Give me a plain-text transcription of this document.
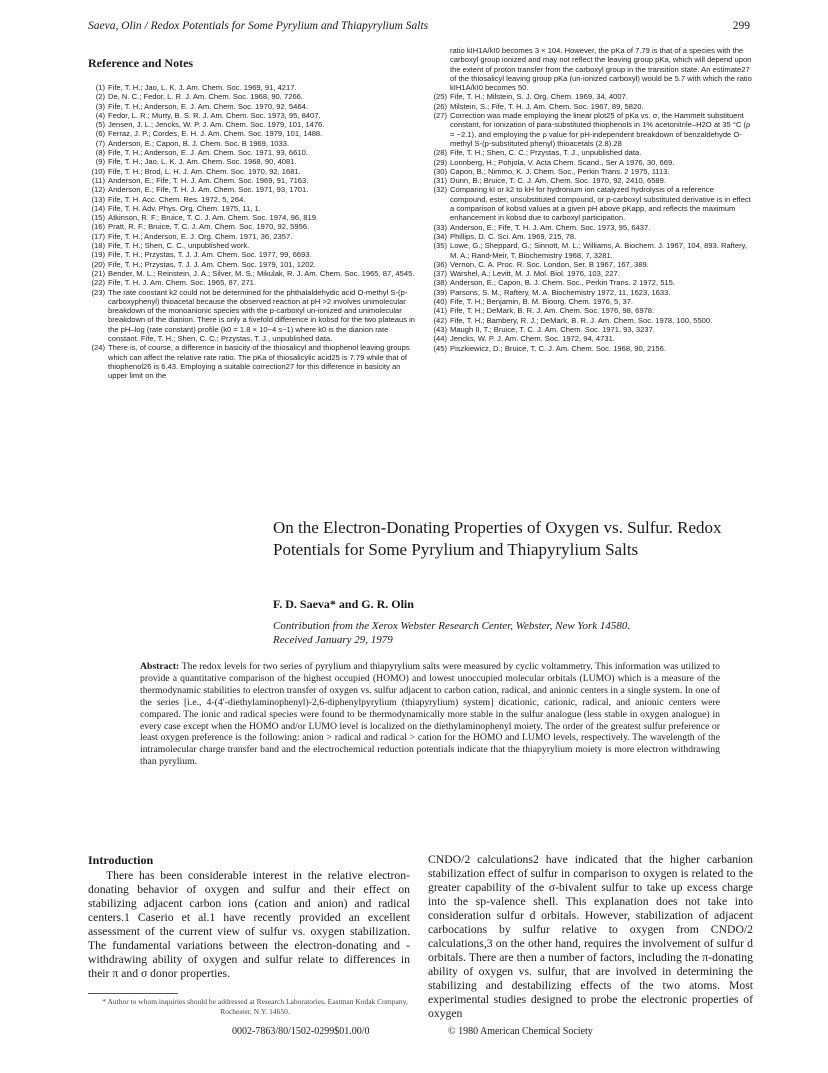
Saeva, Olin / Redox Potentials for Some Pyrylium and Thiapyrylium Salts	299
Reference and Notes
(1) Fife, T. H.; Jao, L. K. J. Am. Chem. Soc. 1969, 91, 4217.
(2) De, N. C.; Fedor, L. R. J. Am. Chem. Soc. 1968, 90, 7266.
(3) Fife, T. H.; Anderson, E. J. Am. Chem. Soc. 1970, 92, 5464.
(4) Fedor, L. R.; Murty, B. S. R. J. Am. Chem. Soc. 1973, 95, 8407.
(5) Jensen, J. L.; Jencks, W. P. J. Am. Chem. Soc. 1979, 101, 1476.
(6) Ferraz, J. P.; Cordes, E. H. J. Am. Chem. Soc. 1979, 101, 1488.
(7) Anderson, E.; Capon, B. J. Chem. Soc. B 1969, 1033.
(8) Fife, T. H.; Anderson, E. J. Am. Chem. Soc. 1971, 93, 6610.
(9) Fife, T. H.; Jao, L. K. J. Am. Chem. Soc. 1968, 90, 4081.
(10) Fife, T. H.; Brod, L. H. J. Am. Chem. Soc. 1970, 92, 1681.
(11) Anderson, E.; Fife, T. H. J. Am. Chem. Soc. 1969, 91, 7163.
(12) Anderson, E.; Fife, T. H. J. Am. Chem. Soc. 1971, 93, 1701.
(13) Fife, T. H. Acc. Chem. Res. 1972, 5, 264.
(14) Fife, T. H. Adv. Phys. Org. Chem. 1975, 11, 1.
(15) Atkinson, R. F.; Bruice, T. C. J. Am. Chem. Soc. 1974, 96, 819.
(16) Pratt, R. F.; Bruice, T. C. J. Am. Chem. Soc. 1970, 92, 5956.
(17) Fife, T. H.; Anderson, E. J. Org. Chem. 1971, 36, 2357.
(18) Fife, T. H.; Shen, C. C., unpublished work.
(19) Fife, T. H.; Przystas, T. J. J. Am. Chem. Soc. 1977, 99, 6693.
(20) Fife, T. H.; Przystas, T. J. J. Am. Chem. Soc. 1979, 101, 1202.
(21) Bender, M. L.; Reinstein, J. A.; Silver, M. S.; Mikulak, R. J. Am. Chem. Soc. 1965, 87, 4545.
(22) Fife, T. H. J. Am. Chem. Soc. 1965, 87, 271.
(23) The rate constant k2 could not be determined for the phthalaldehydic acid O-methyl S-(p-carboxyphenyl) thioacetal because the observed reaction at pH >2 involves unimolecular breakdown of the monoanionic species with the p-carboxyl un-ionized and unimolecular breakdown of the dianion. There is only a fivefold difference in kobsd for the two plateaus in the pH–log (rate constant) profile (k0 = 1.8 × 10−4 s−1) where k0 is the dianion rate constant. Fife, T. H.; Shen, C. C.; Przystas, T. J., unpublished data.
(24) There is, of course, a difference in basicity of the thiosalicyl and thiophenol leaving groups which can affect the relative rate ratio. The pKa of thiosalicylic acid25 is 7.79 while that of thiophenol26 is 6.43. Employing a suitable correction27 for this difference in basicity an upper limit on the
ratio kIH1A/kI0 becomes 3 × 104. However, the pKa of 7.79 is that of a species with the carboxyl group ionized and may not reflect the leaving group pKa, which will depend upon the extent of proton transfer from the carboxyl group in the transition state. An estimate27 of the thiosalicyl leaving group pKa (un-ionized carboxyl) would be 5.7 with which the ratio kIH1A/kI0 becomes 50.
(25) Fife, T. H.; Milstein, S. J. Org. Chem. 1969, 34, 4007.
(26) Milstein, S.; Fife, T. H. J. Am. Chem. Soc. 1967, 89, 5820.
(27) Correction was made employing the linear plot25 of pKa vs. σ, the Hammett substituent constant, for ionization of para-substituted thiophenols in 1% acetonitrile–H2O at 35 °C (ρ = −2.1), and employing the ρ value for pH-independent breakdown of benzaldehyde O-methyl S-(p-substituted phenyl) thioacetals (2.8).28
(28) Fife, T. H.; Shen, C. C.; Przystas, T. J., unpublished data.
(29) Lonnberg, H.; Pohjola, V. Acta Chem. Scand., Ser A 1976, 30, 669.
(30) Capon, B.; Nimmo, K. J. Chem. Soc., Perkin Trans. 2 1975, 1113.
(31) Dunn, B.; Bruice, T. C. J. Am. Chem. Soc. 1970, 92, 2410, 6589.
(32) Comparing kI or k2 to kH for hydronium ion catalyzed hydrolysis of a reference compound, ester, unsubstituted compound, or p-carboxyl substituted derivative is in effect a comparison of kobsd values at a given pH above pKapp, and reflects the maximum enhancement in kobsd due to carboxyl participation.
(33) Anderson, E.; Fife, T. H. J. Am. Chem. Soc. 1973, 95, 6437.
(34) Phillips, D. C. Sci. Am. 1969, 215, 78.
(35) Lowe, G.; Sheppard, G.; Sinnott, M. L.; Williams, A. Biochem. J. 1967, 104, 893. Raftery, M. A.; Rand-Meir, T. Biochemistry 1968, 7, 3281.
(36) Vernon, C. A. Proc. R. Soc. London, Ser. B 1967, 167, 389.
(37) Warshel, A.; Levitt, M. J. Mol. Biol. 1976, 103, 227.
(38) Anderson, E.; Capon, B. J. Chem. Soc., Perkin Trans. 2 1972, 515.
(39) Parsons, S. M.; Raftery, M. A. Biochemistry 1972, 11, 1623, 1633.
(40) Fife, T. H.; Benjamin, B. M. Bioorg. Chem. 1976, 5, 37.
(41) Fife, T. H.; DeMark, B. R. J. Am. Chem. Soc. 1976, 98, 6978.
(42) Fife, T. H.; Bambery, R. J.; DeMark, B. R. J. Am. Chem. Soc. 1978, 100, 5500.
(43) Maugh II, T.; Bruice, T. C. J. Am. Chem. Soc. 1971, 93, 3237.
(44) Jencks, W. P. J. Am. Chem. Soc. 1972, 94, 4731.
(45) Piszkiewicz, D.; Bruice, T. C. J. Am. Chem. Soc. 1968, 90, 2156.
On the Electron-Donating Properties of Oxygen vs. Sulfur. Redox Potentials for Some Pyrylium and Thiapyrylium Salts
F. D. Saeva* and G. R. Olin
Contribution from the Xerox Webster Research Center, Webster, New York 14580.
Received January 29, 1979
Abstract: The redox levels for two series of pyrylium and thiapyrylium salts were measured by cyclic voltammetry. This information was utilized to provide a quantitative comparison of the highest occupied (HOMO) and lowest unoccupied molecular orbitals (LUMO) which is a measure of the thermodynamic stabilities to electron transfer of oxygen vs. sulfur adjacent to carbon cation, radical, and anionic centers in a single system. In one of the series [i.e., 4-(4′-diethylaminophenyl)-2,6-diphenylpyrylium (thiapyrylium) system] dicationic, cationic, radical, and anionic centers were compared. The ionic and radical species were found to be thermodynamically more stable in the sulfur analogue (less stable in oxygen analogue) in every case except when the HOMO and/or LUMO level is localized on the diethylaminophenyl moiety. The order of the greatest sulfur preference or least oxygen preference is the following: anion > radical and radical > cation for the HOMO and LUMO levels, respectively. The wavelength of the intramolecular charge transfer band and the electrochemical reduction potentials indicate that the thiapyrylium moiety is more electron withdrawing than pyrylium.
Introduction
There has been considerable interest in the relative electron-donating behavior of oxygen and sulfur and their effect on stabilizing adjacent carbon ions (cation and anion) and radical centers.1 Caserio et al.1 have recently provided an excellent assessment of the current view of sulfur vs. oxygen stabilization. The fundamental variations between the electron-donating and -withdrawing ability of oxygen and sulfur relate to differences in their π and σ donor properties.
CNDO/2 calculations2 have indicated that the higher carbanion stabilization effect of sulfur in comparison to oxygen is related to the greater capability of the σ-bivalent sulfur to take up excess charge into the sp-valence shell. This explanation does not take into consideration sulfur d orbitals. However, stabilization of adjacent carbocations by sulfur relative to oxygen from CNDO/2 calculations,3 on the other hand, requires the involvement of sulfur d orbitals. There are then a number of factors, including the π-donating ability of oxygen vs. sulfur, that are involved in determining the stabilizing and destabilizing effects of the two atoms. Most experimental studies designed to probe the electronic properties of oxygen
* Author to whom inquiries should be addressed at Research Laboratories, Eastman Kodak Company, Rochester, N.Y. 14650.
0002-7863/80/1502-0299$01.00/0	© 1980 American Chemical Society
